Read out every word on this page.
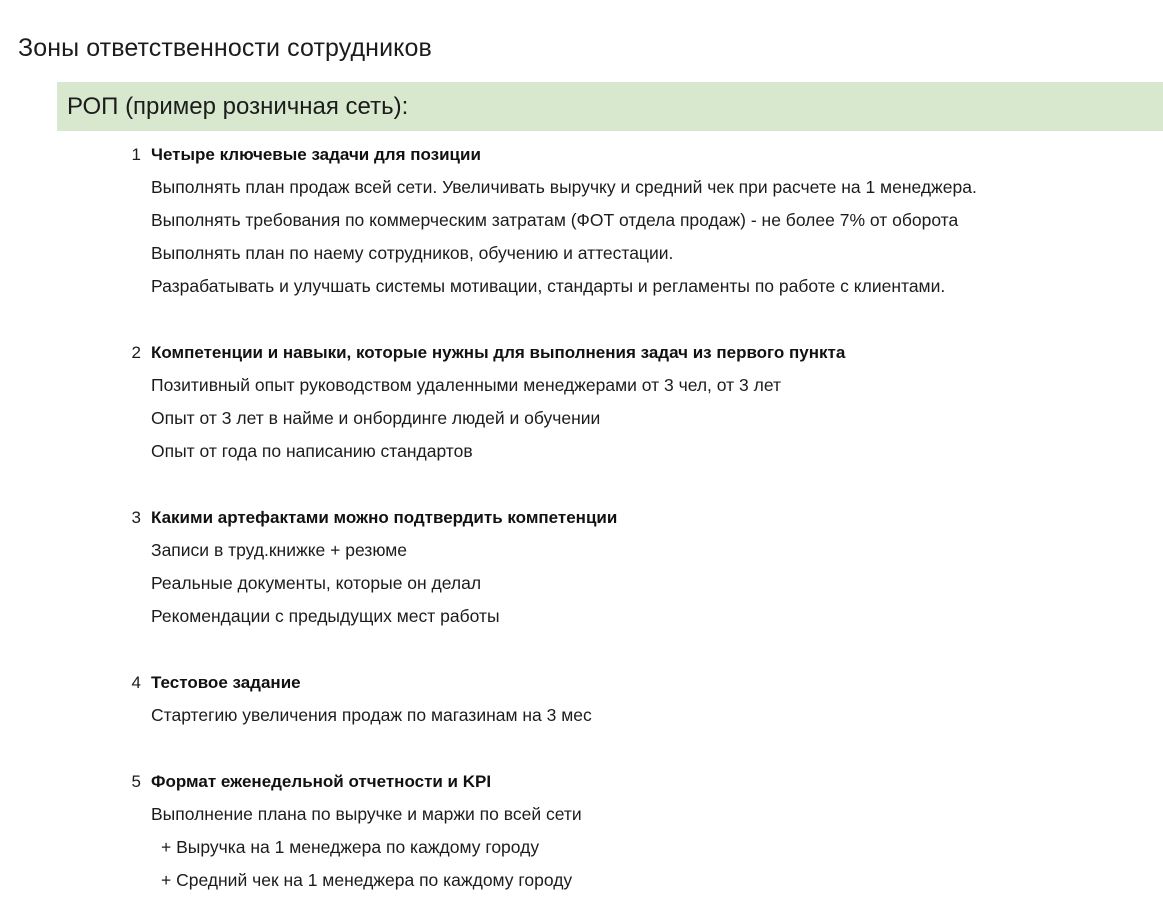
Зоны ответственности сотрудников
РОП (пример розничная сеть):
1 Четыре ключевые задачи для позиции
Выполнять план продаж всей сети. Увеличивать выручку и средний чек при расчете на 1 менеджера.
Выполнять требования по коммерческим затратам (ФОТ отдела продаж) - не более 7% от оборота
Выполнять план по наему сотрудников, обучению и аттестации.
Разрабатывать и улучшать системы мотивации, стандарты и регламенты по работе с клиентами.
2 Компетенции и навыки, которые нужны для выполнения задач из первого пункта
Позитивный опыт руководством удаленными менеджерами от 3 чел, от 3 лет
Опыт от 3 лет в найме и онбординге людей и обучении
Опыт от года по написанию стандартов
3 Какими артефактами можно подтвердить компетенции
Записи в труд.книжке + резюме
Реальные документы, которые он делал
Рекомендации с предыдущих мест работы
4 Тестовое задание
Стартегию увеличения продаж по магазинам на 3 мес
5 Формат еженедельной отчетности и KPI
Выполнение плана по выручке и маржи по всей сети
+ Выручка на 1 менеджера по каждому городу
+ Средний чек на 1 менеджера по каждому городу
